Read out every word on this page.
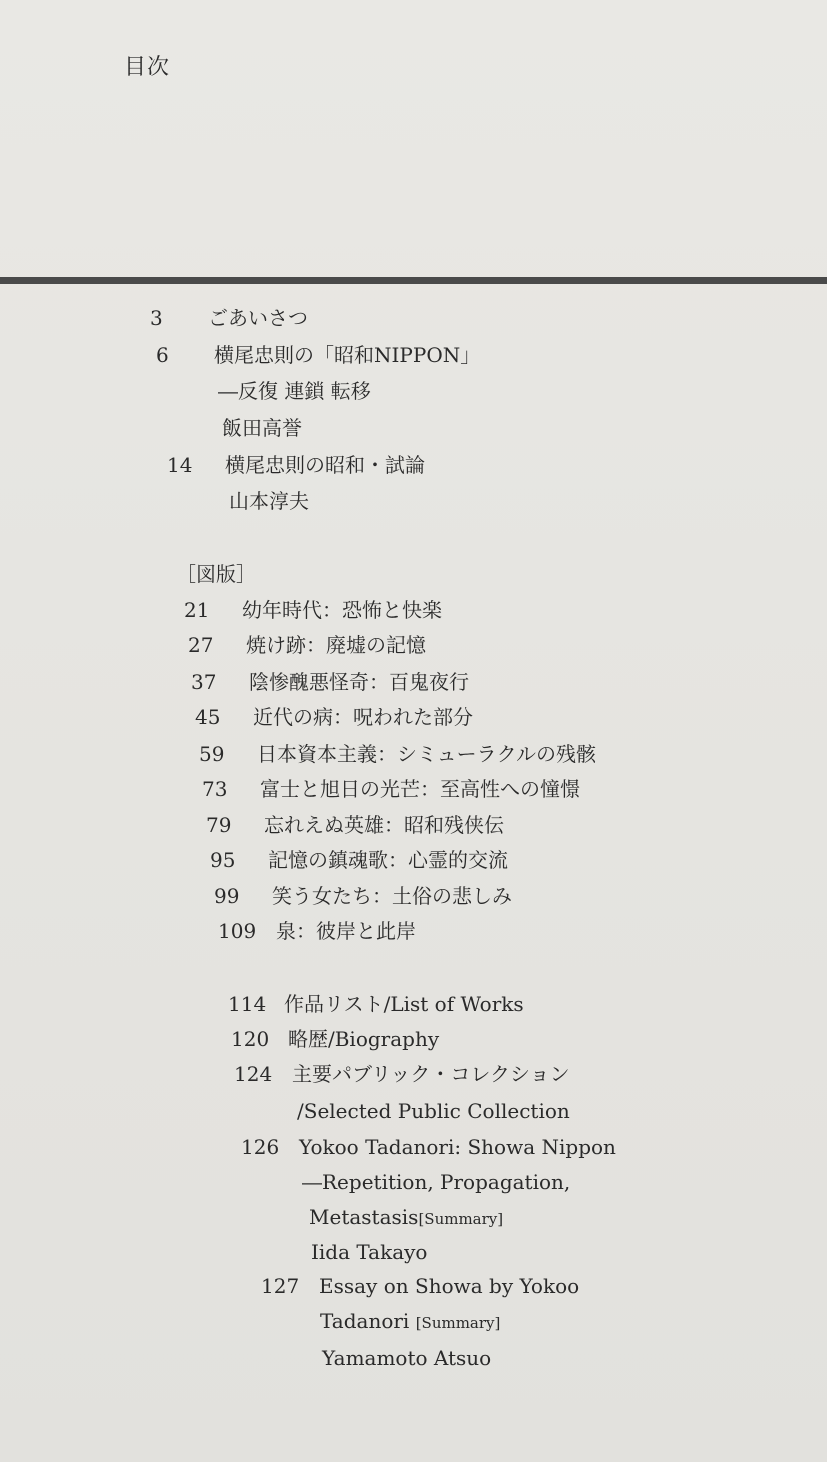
目次
3 ごあいさつ
6 横尾忠則の「昭和NIPPON」
―反復 連鎖 転移
飯田高誉
14 横尾忠則の昭和・試論
山本淳夫
［図版］
21 幼年時代：恐怖と快楽
27 焼け跡：廃墟の記憶
37 陰惨醜悪怪奇：百鬼夜行
45 近代の病：呪われた部分
59 日本資本主義：シミューラクルの残骸
73 富士と旭日の光芒：至高性への憧憬
79 忘れえぬ英雄：昭和残侠伝
95 記憶の鎮魂歌：心霊的交流
99 笑う女たち：土俗の悲しみ
109 泉：彼岸と此岸
114 作品リスト/List of Works
120 略歴/Biography
124 主要パブリック・コレクション
/Selected Public Collection
126 Yokoo Tadanori: Showa Nippon
―Repetition, Propagation,
Metastasis[Summary]
Iida Takayo
127 Essay on Showa by Yokoo
Tadanori [Summary]
Yamamoto Atsuo
